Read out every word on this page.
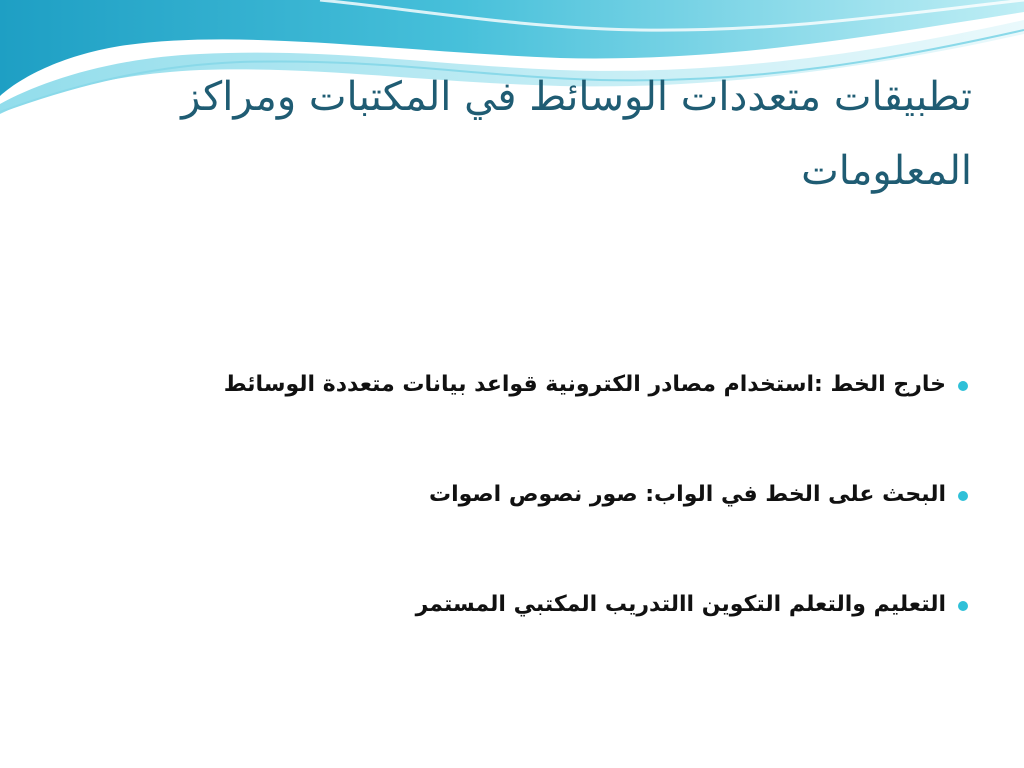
تطبيقات متعددات الوسائط في المكتبات ومراكز المعلومات
خارج الخط :استخدام مصادر الكترونية قواعد بيانات متعددة الوسائط
البحث على الخط في الواب: صور نصوص اصوات
التعليم والتعلم التكوين االتدريب المكتبي المستمر
